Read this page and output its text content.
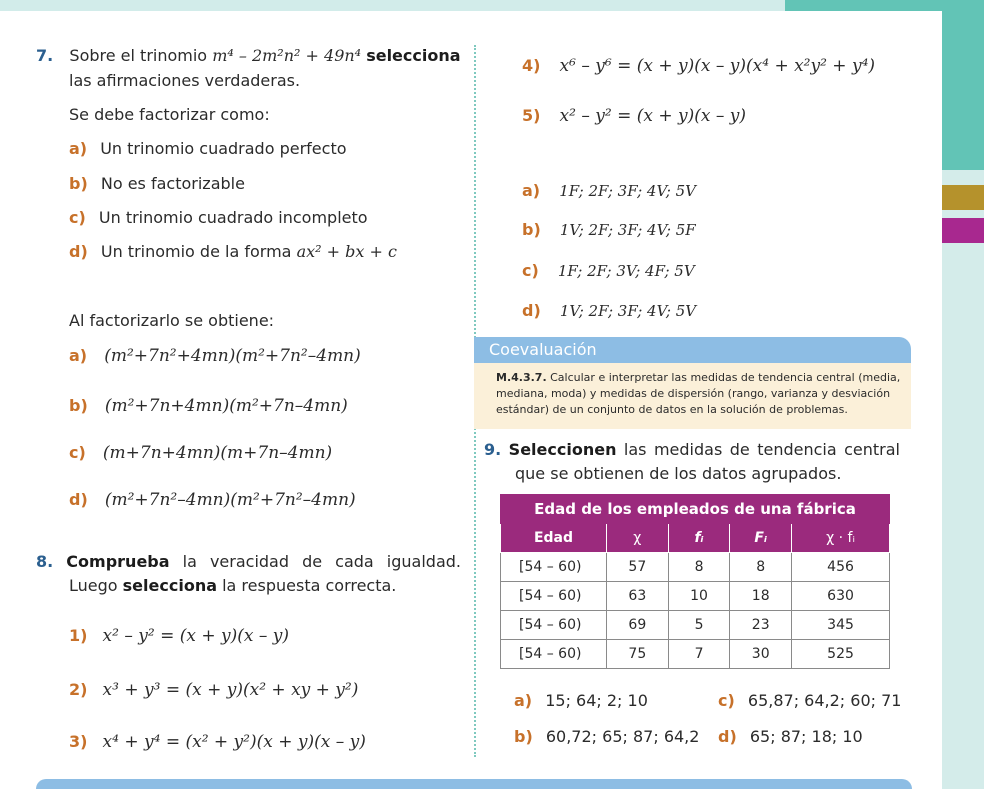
7. Sobre el trinomio m⁴ – 2m²n² + 49n⁴ selecciona
las afirmaciones verdaderas.
Se debe factorizar como:
a) Un trinomio cuadrado perfecto
b) No es factorizable
c) Un trinomio cuadrado incompleto
d) Un trinomio de la forma ax² + bx + c
Al factorizarlo se obtiene:
a) (m²+7n²+4mn)(m²+7n²–4mn)
b) (m²+7n+4mn)(m²+7n–4mn)
c) (m+7n+4mn)(m+7n–4mn)
d) (m²+7n²–4mn)(m²+7n²–4mn)
8. Comprueba la veracidad de cada igualdad.
Luego selecciona la respuesta correcta.
1) x² – y² = (x + y)(x – y)
2) x³ + y³ = (x + y)(x² + xy + y²)
3) x⁴ + y⁴ = (x² + y²)(x + y)(x – y)
4) x⁶ – y⁶ = (x + y)(x – y)(x⁴ + x²y² + y⁴)
5) x² – y² = (x + y)(x – y)
a) 1F; 2F; 3F; 4V; 5V
b) 1V; 2F; 3F; 4V; 5F
c) 1F; 2F; 3V; 4F; 5V
d) 1V; 2F; 3F; 4V; 5V
Coevaluación
M.4.3.7. Calcular e interpretar las medidas de tendencia central (media, mediana, moda) y medidas de dispersión (rango, varianza y desviación estándar) de un conjunto de datos en la solución de problemas.
9. Seleccionen las medidas de tendencia central
que se obtienen de los datos agrupados.
Edad de los empleados de una fábrica				
Edad	χ	fᵢ	Fᵢ	χ · fᵢ
[54 – 60)	57	8	8	456
[54 – 60)	63	10	18	630
[54 – 60)	69	5	23	345
[54 – 60)	75	7	30	525
a) 15; 64; 2; 10	c) 65,87; 64,2; 60; 71
b) 60,72; 65; 87; 64,2 d) 65; 87; 18; 10
